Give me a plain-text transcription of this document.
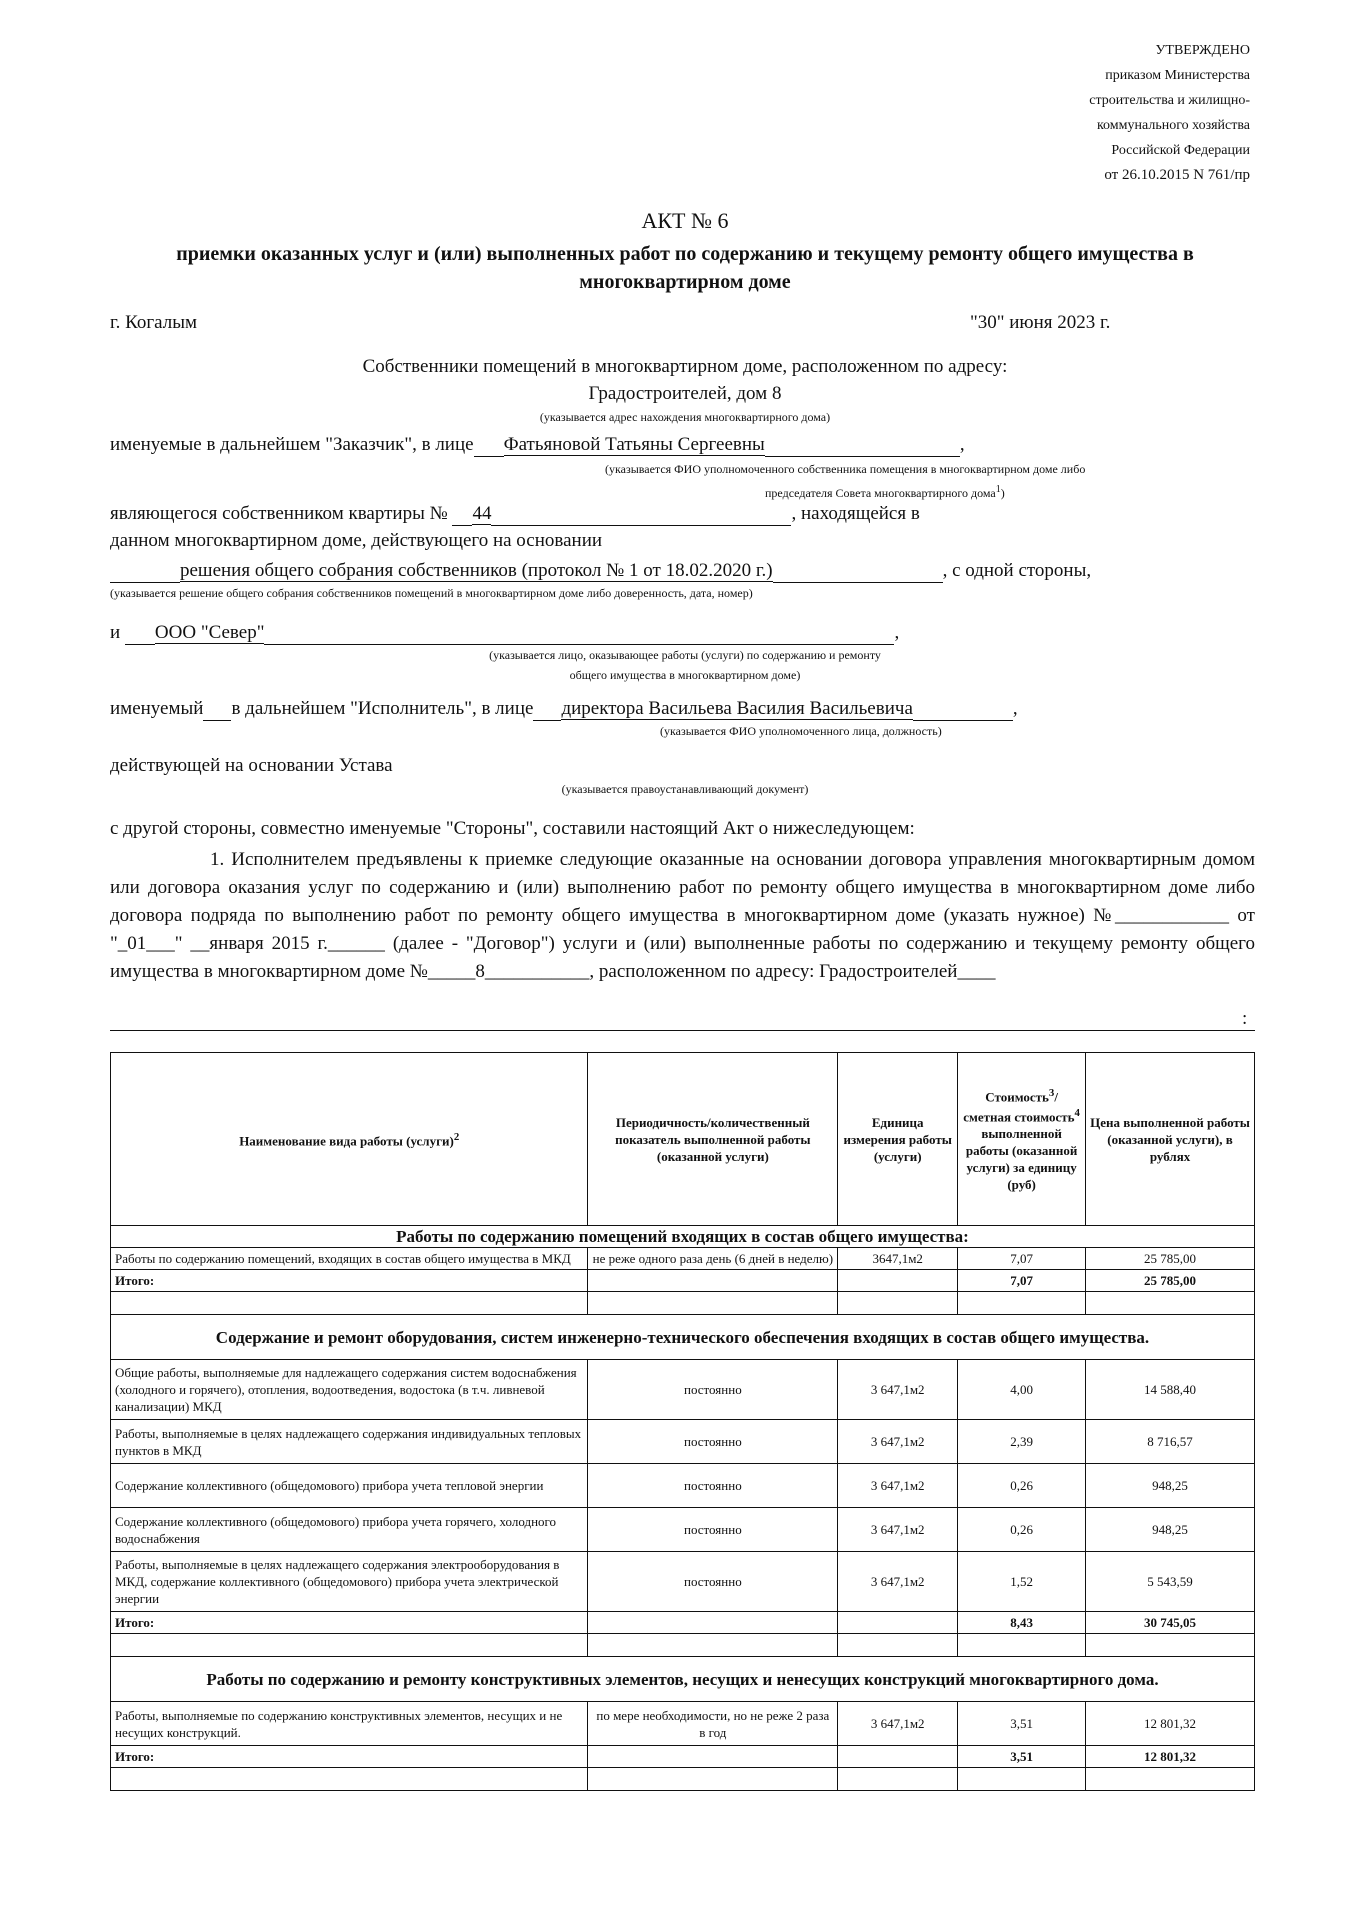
УТВЕРЖДЕНО
приказом Министерства
строительства и жилищно-
коммунального хозяйства
Российской Федерации
от 26.10.2015 N 761/пр
АКТ № 6
приемки оказанных услуг и (или) выполненных работ по содержанию и текущему ремонту общего имущества в многоквартирном доме
г. Когалым	"30" июня 2023 г.
Собственники помещений в многоквартирном доме, расположенном по адресу:
Градостроителей, дом 8
(указывается адрес нахождения многоквартирного дома)
именуемые в дальнейшем "Заказчик", в лице Фатьяновой Татьяны Сергеевны	,
(указывается ФИО уполномоченного собственника помещения в многоквартирном доме либо
председателя Совета многоквартирного дома$^1$)
являющегося собственником квартиры № 44	, находящейся в
данном многоквартирном доме, действующего на основании
решения общего собрания собственников (протокол № 1 от 18.02.2020 г.)	, с одной стороны,
(указывается решение общего собрания собственников помещений в многоквартирном доме либо доверенность, дата, номер)
и ООО "Север"	,
(указывается лицо, оказывающее работы (услуги) по содержанию и ремонту
общего имущества в многоквартирном доме)
именуемый в дальнейшем "Исполнитель", в лице директора Васильева Василия Васильевича	,
(указывается ФИО уполномоченного лица, должность)
действующей на основании Устава
(указывается правоустанавливающий документ)
с другой стороны, совместно именуемые "Стороны", составили настоящий Акт о нижеследующем:
1. Исполнителем предъявлены к приемке следующие оказанные на основании договора управления многоквартирным домом или договора оказания услуг по содержанию и (или) выполнению работ по ремонту общего имущества в многоквартирном доме либо договора подряда по выполнению работ по ремонту общего имущества в многоквартирном доме (указать нужное) №____________ от "_01___" __января 2015 г.______ (далее - "Договор") услуги и (или) выполненные работы по содержанию и текущему ремонту общего имущества в многоквартирном доме №_____8___________, расположенном по адресу: Градостроителей____
:
Наименование вида работы (услуги)$^2$	Периодичность/количественный показатель выполненной работы (оказанной услуги)	Единица измерения работы (услуги)	Стоимость$^3$/сметная стоимость$^4$ выполненной работы (оказанной услуги) за единицу (руб)	Цена выполненной работы (оказанной услуги), в рублях
Работы по содержанию помещений входящих в состав общего имущества:				
Работы по содержанию помещений, входящих в состав общего имущества в МКД	не реже одного раза день (6 дней в неделю)	3647,1м2	7,07	25 785,00
Итого:			7,07	25 785,00

Содержание и ремонт оборудования, систем инженерно-технического обеспечения входящих в состав общего имущества.				
Общие работы, выполняемые для надлежащего содержания систем водоснабжения (холодного и горячего), отопления, водоотведения, водостока (в т.ч. ливневой канализации) МКД	постоянно	3 647,1м2	4,00	14 588,40
Работы, выполняемые в целях надлежащего содержания индивидуальных тепловых пунктов в МКД	постоянно	3 647,1м2	2,39	8 716,57
Содержание коллективного (общедомового) прибора учета тепловой энергии	постоянно	3 647,1м2	0,26	948,25
Содержание коллективного (общедомового) прибора учета горячего, холодного водоснабжения	постоянно	3 647,1м2	0,26	948,25
Работы, выполняемые в целях надлежащего содержания электрооборудования в МКД, содержание коллективного (общедомового) прибора учета электрической энергии	постоянно	3 647,1м2	1,52	5 543,59
Итого:			8,43	30 745,05

Работы по содержанию и ремонту конструктивных элементов, несущих и ненесущих конструкций многоквартирного дома.				
Работы, выполняемые по содержанию конструктивных элементов, несущих и не несущих конструкций.	по мере необходимости, но не реже 2 раза в год	3 647,1м2	3,51	12 801,32
Итого:			3,51	12 801,32
